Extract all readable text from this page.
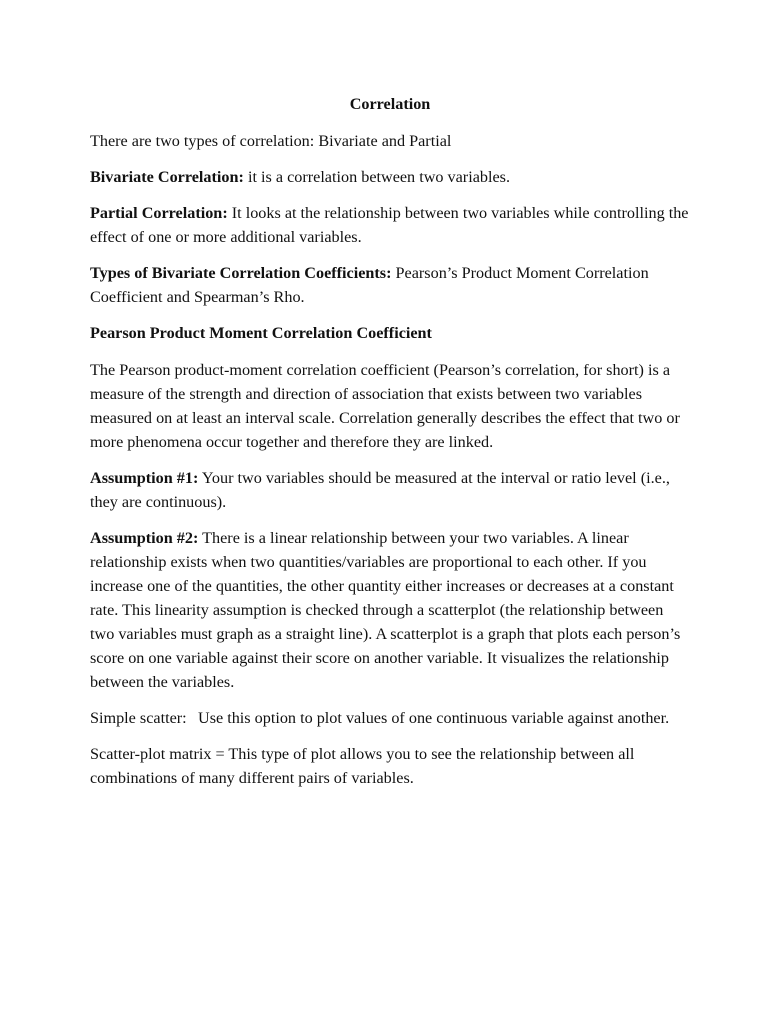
Correlation

There are two types of correlation: Bivariate and Partial

Bivariate Correlation: it is a correlation between two variables.

Partial Correlation: It looks at the relationship between two variables while controlling the effect of one or more additional variables.

Types of Bivariate Correlation Coefficients: Pearson’s Product Moment Correlation Coefficient and Spearman’s Rho.

Pearson Product Moment Correlation Coefficient

The Pearson product-moment correlation coefficient (Pearson’s correlation, for short) is a measure of the strength and direction of association that exists between two variables measured on at least an interval scale. Correlation generally describes the effect that two or more phenomena occur together and therefore they are linked.

Assumption #1: Your two variables should be measured at the interval or ratio level (i.e., they are continuous).

Assumption #2: There is a linear relationship between your two variables. A linear relationship exists when two quantities/variables are proportional to each other. If you increase one of the quantities, the other quantity either increases or decreases at a constant rate. This linearity assumption is checked through a scatterplot (the relationship between two variables must graph as a straight line). A scatterplot is a graph that plots each person’s score on one variable against their score on another variable. It visualizes the relationship between the variables.

Simple scatter: Use this option to plot values of one continuous variable against another.

Scatter-plot matrix = This type of plot allows you to see the relationship between all combinations of many different pairs of variables.
